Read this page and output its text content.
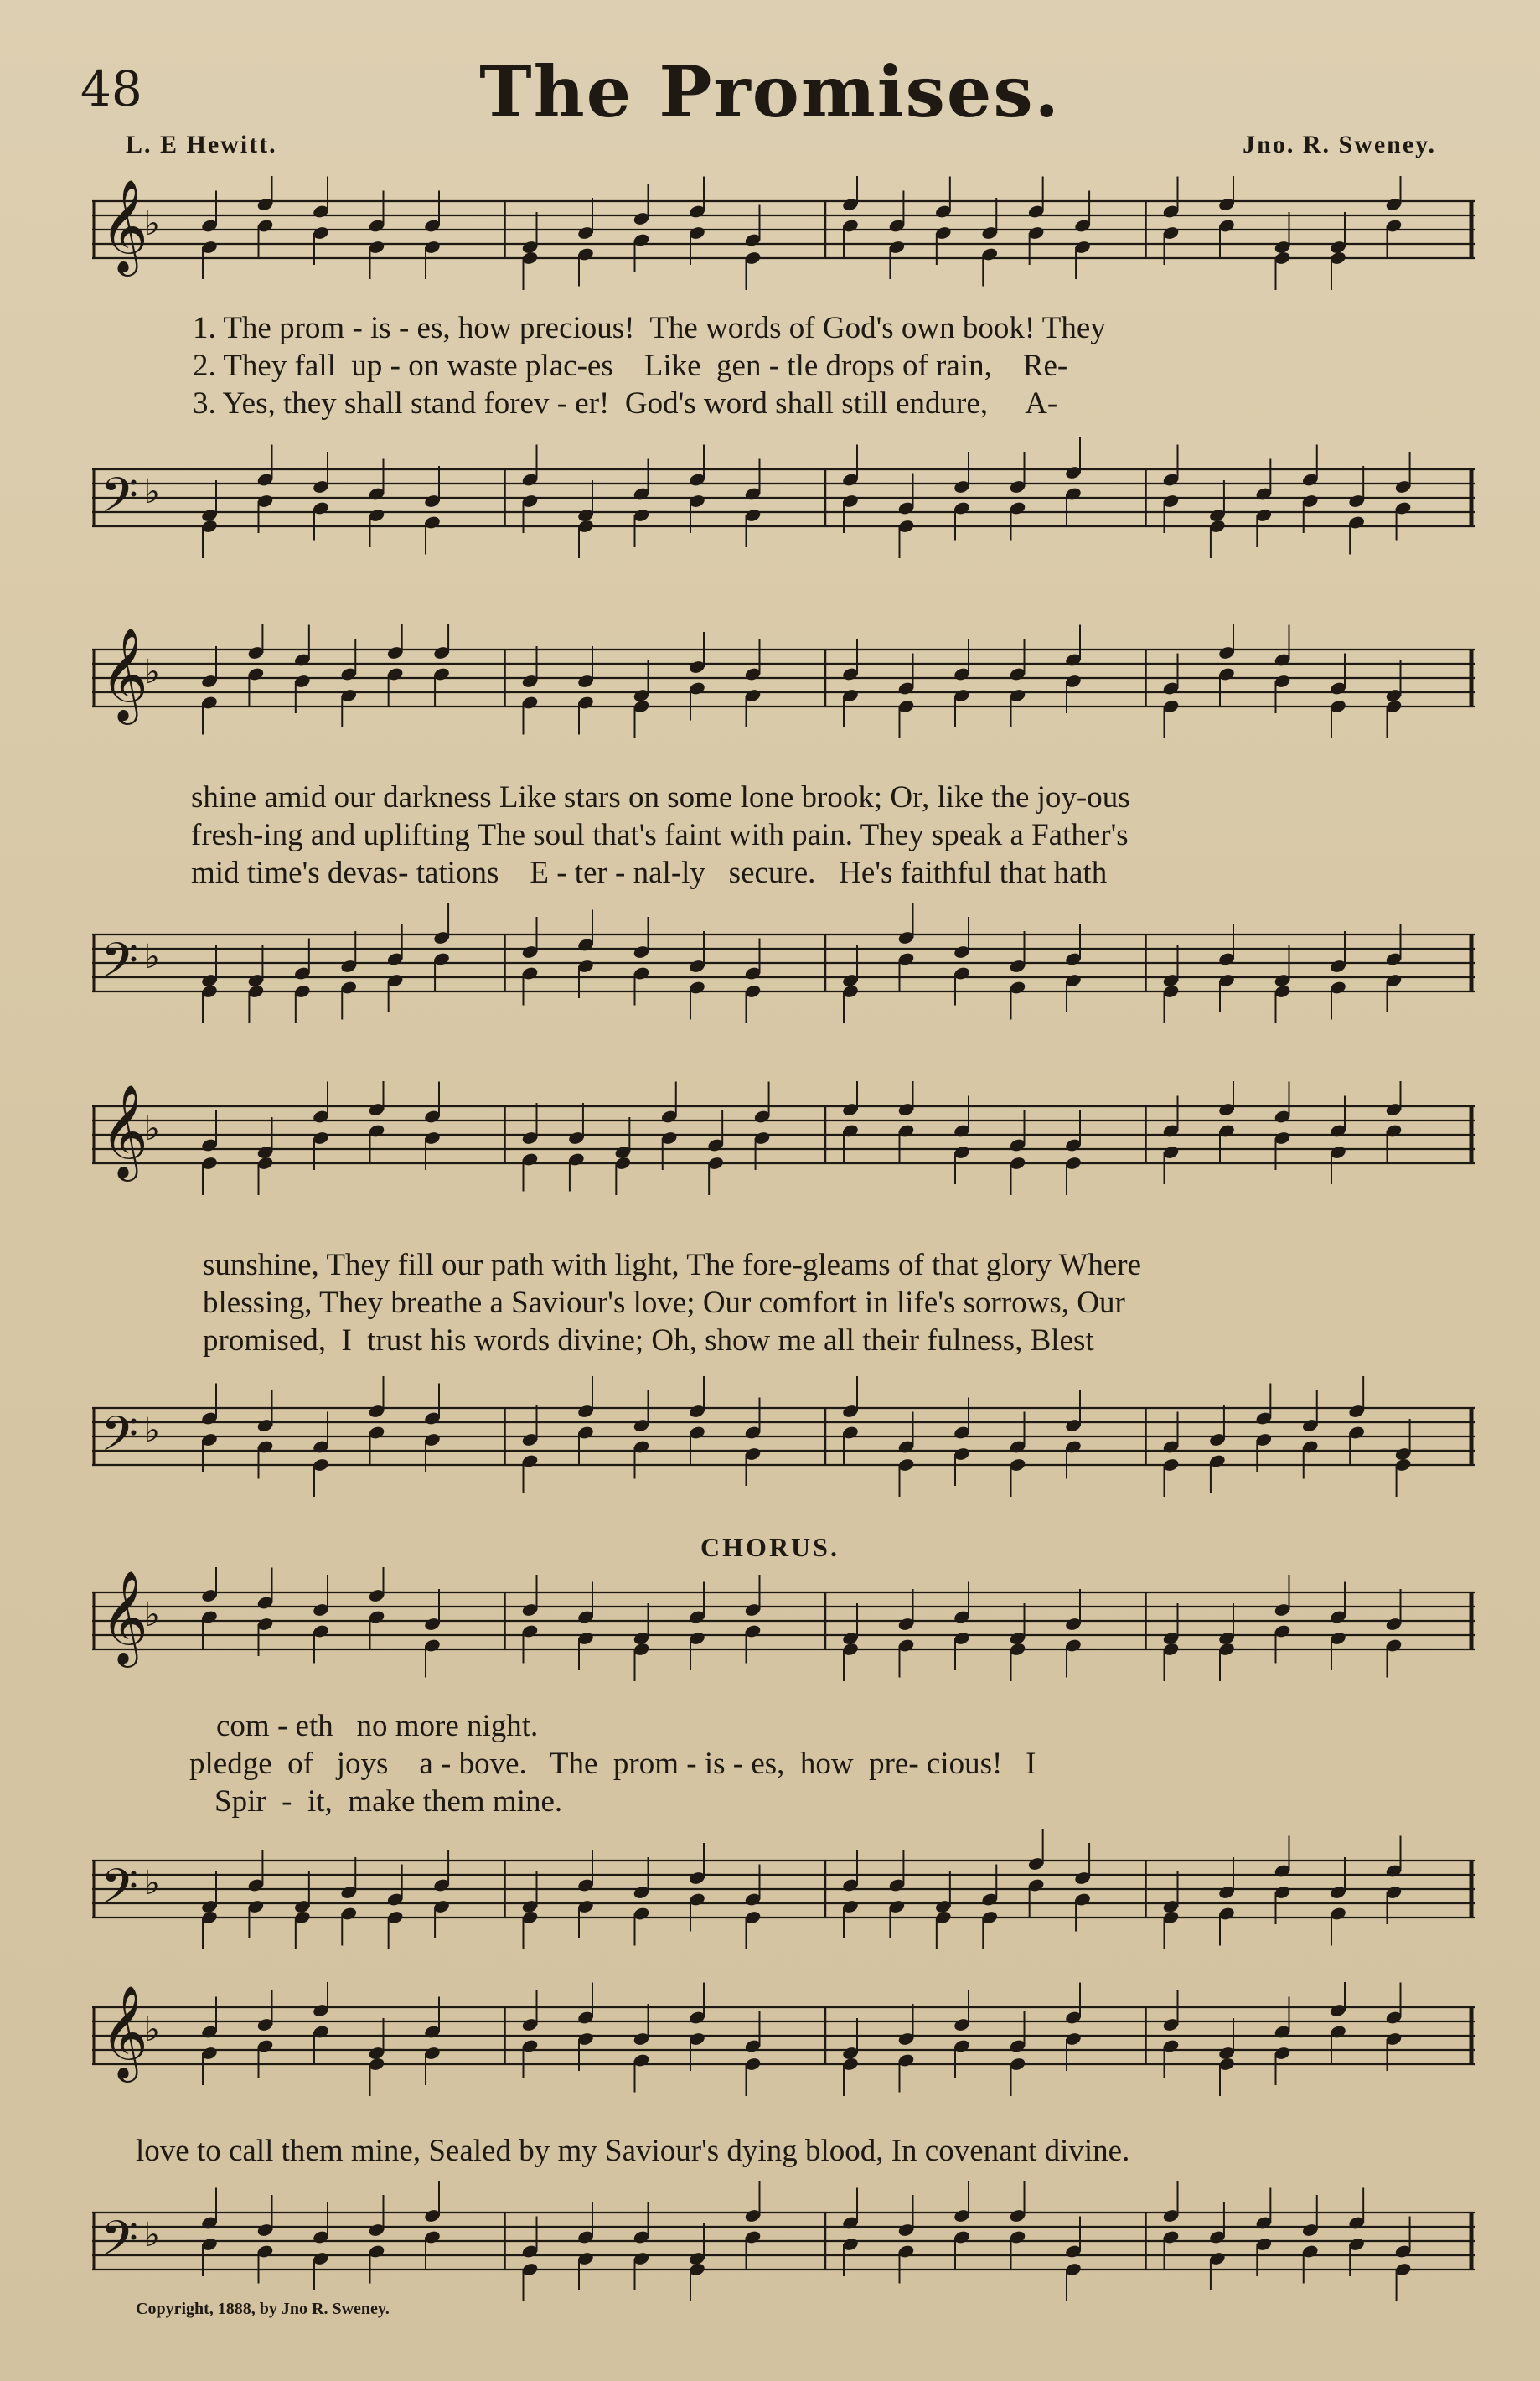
48	The Promises.
L. E Hewitt.	Jno. R. Sweney.
𝄞
♭
1. The prom - is - es, how precious!  The words of God's own book! They
2. They fall  up - on waste plac-es    Like  gen - tle drops of rain,    Re-
3. Yes, they shall stand forev - er!  God's word shall still endure,     A-
𝄢 ♭
𝄞
♭
shine amid our darkness Like stars on some lone brook; Or, like the joy-ous
fresh-ing and uplifting The soul that's faint with pain. They speak a Father's
mid time's devas- tations    E - ter - nal-ly   secure.   He's faithful that hath
𝄢 ♭
𝄞
♭
sunshine, They fill our path with light, The fore-gleams of that glory Where
blessing, They breathe a Saviour's love; Our comfort in life's sorrows, Our
promised,  I  trust his words divine; Oh, show me all their fulness, Blest
𝄢 ♭
CHORUS.
𝄞
♭
com - eth   no more night.
pledge  of   joys    a - bove.   The  prom - is - es,  how  pre- cious!   I
Spir  -  it,  make them mine.
𝄢 ♭
𝄞
♭
love to call them mine, Sealed by my Saviour's dying blood, In covenant divine.
𝄢 ♭
Copyright, 1888, by Jno R. Sweney.
